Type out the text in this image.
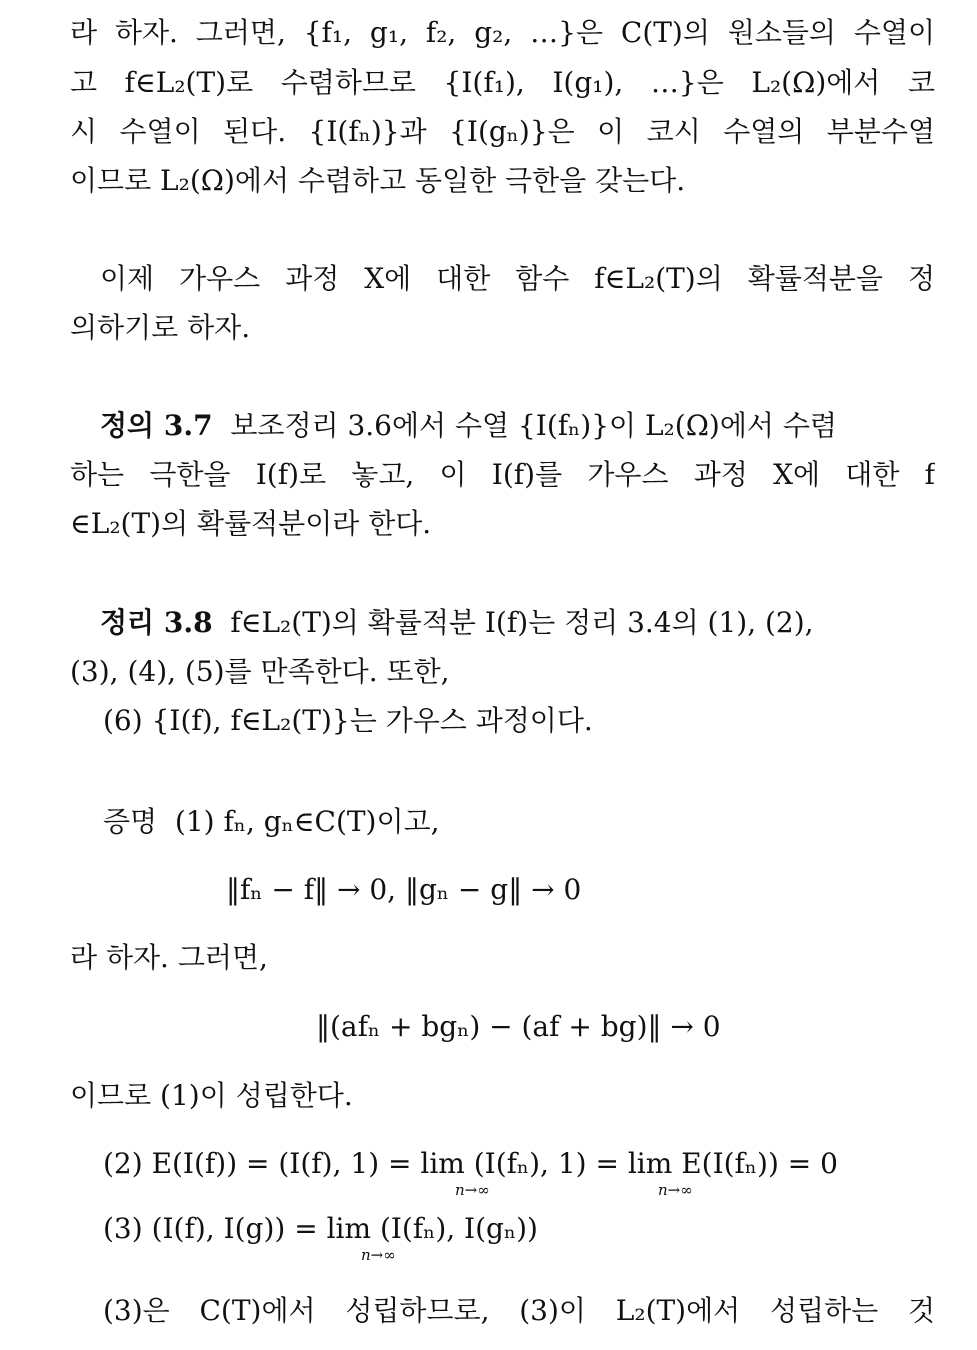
라 하자. 그러면, {f₁, g₁, f₂, g₂, …}은 C(T)의 원소들의 수열이
고 f∈L₂(T)로 수렴하므로 {I(f₁), I(g₁), …}은 L₂(Ω)에서 코
시 수열이 된다. {I(fₙ)}과 {I(gₙ)}은 이 코시 수열의 부분수열
이므로 L₂(Ω)에서 수렴하고 동일한 극한을 갖는다.
이제 가우스 과정 X에 대한 함수 f∈L₂(T)의 확률적분을 정
의하기로 하자.
정의 3.7 보조정리 3.6에서 수열 {I(fₙ)}이 L₂(Ω)에서 수렴
하는 극한을 I(f)로 놓고, 이 I(f)를 가우스 과정 X에 대한 f
∈L₂(T)의 확률적분이라 한다.
정리 3.8 f∈L₂(T)의 확률적분 I(f)는 정리 3.4의 (1), (2),
(3), (4), (5)를 만족한다. 또한,
(6) {I(f), f∈L₂(T)}는 가우스 과정이다.
증명 (1) fₙ, gₙ∈C(T)이고,
‖fₙ − f‖ → 0, ‖gₙ − g‖ → 0
라 하자. 그러면,
‖(afₙ + bgₙ) − (af + bg)‖ → 0
이므로 (1)이 성립한다.
(2) E(I(f)) = (I(f), 1) = lim (I(fₙ), 1) = lim E(I(fₙ)) = 0
n→∞	n→∞
(3) (I(f), I(g)) = lim (I(fₙ), I(gₙ))
n→∞
(3)은 C(T)에서 성립하므로, (3)이 L₂(T)에서 성립하는 것
